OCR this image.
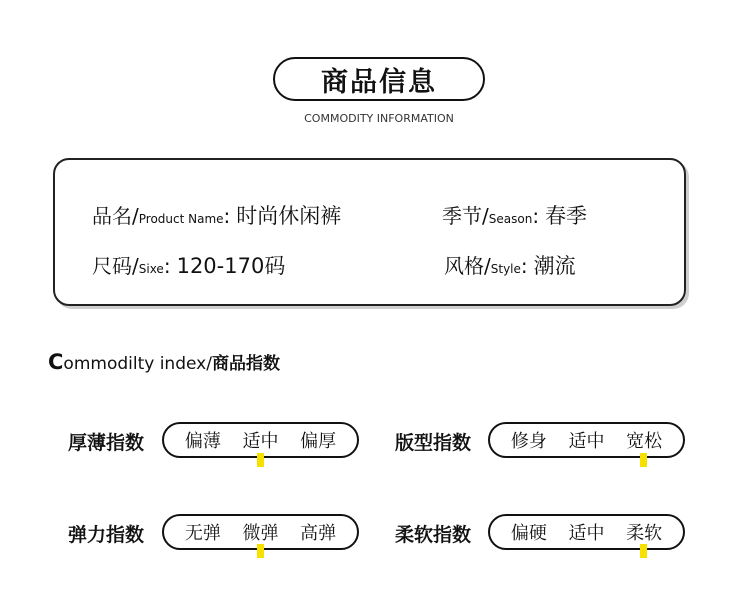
商品信息
COMMODITY INFORMATION
品名/ Product Name : 时尚休闲裤	季节/ Season : 春季
尺码/ Sixe : 120-170码	风格/ Style : 潮流
Commodilty index/商品指数
厚薄指数 偏薄 适中 偏厚	版型指数 修身 适中 宽松
弹力指数 无弹 微弹 高弹	柔软指数 偏硬 适中 柔软
